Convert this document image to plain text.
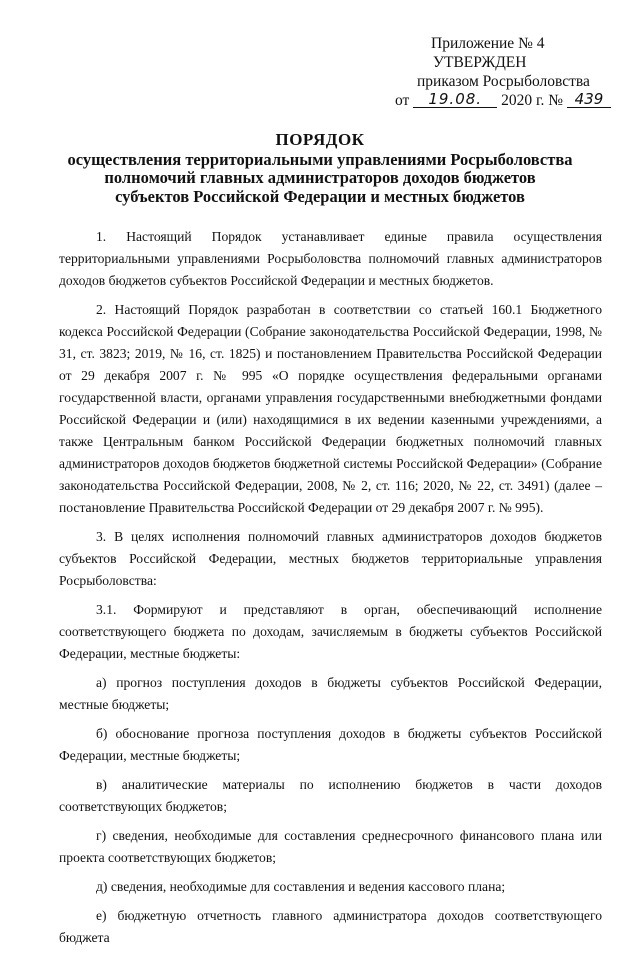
Приложение № 4
УТВЕРЖДЕН
приказом Росрыболовства
от 19.08. 2020 г. № 439
ПОРЯДОК
осуществления территориальными управлениями Росрыболовства
полномочий главных администраторов доходов бюджетов
субъектов Российской Федерации и местных бюджетов

1. Настоящий Порядок устанавливает единые правила осуществления территориальными управлениями Росрыболовства полномочий главных администраторов доходов бюджетов субъектов Российской Федерации и местных бюджетов.

2. Настоящий Порядок разработан в соответствии со статьей 160.1 Бюджетного кодекса Российской Федерации (Собрание законодательства Российской Федерации, 1998, № 31, ст. 3823; 2019, № 16, ст. 1825) и постановлением Правительства Российской Федерации от 29 декабря 2007 г. № 995 «О порядке осуществления федеральными органами государственной власти, органами управления государственными внебюджетными фондами Российской Федерации и (или) находящимися в их ведении казенными учреждениями, а также Центральным банком Российской Федерации бюджетных полномочий главных администраторов доходов бюджетов бюджетной системы Российской Федерации» (Собрание законодательства Российской Федерации, 2008, № 2, ст. 116; 2020, № 22, ст. 3491) (далее – постановление Правительства Российской Федерации от 29 декабря 2007 г. № 995).

3. В целях исполнения полномочий главных администраторов доходов бюджетов субъектов Российской Федерации, местных бюджетов территориальные управления Росрыболовства:

3.1. Формируют и представляют в орган, обеспечивающий исполнение соответствующего бюджета по доходам, зачисляемым в бюджеты субъектов Российской Федерации, местные бюджеты:

а) прогноз поступления доходов в бюджеты субъектов Российской Федерации, местные бюджеты;

б) обоснование прогноза поступления доходов в бюджеты субъектов Российской Федерации, местные бюджеты;

в) аналитические материалы по исполнению бюджетов в части доходов соответствующих бюджетов;

г) сведения, необходимые для составления среднесрочного финансового плана или проекта соответствующих бюджетов;

д) сведения, необходимые для составления и ведения кассового плана;

е) бюджетную отчетность главного администратора доходов соответствующего бюджета
